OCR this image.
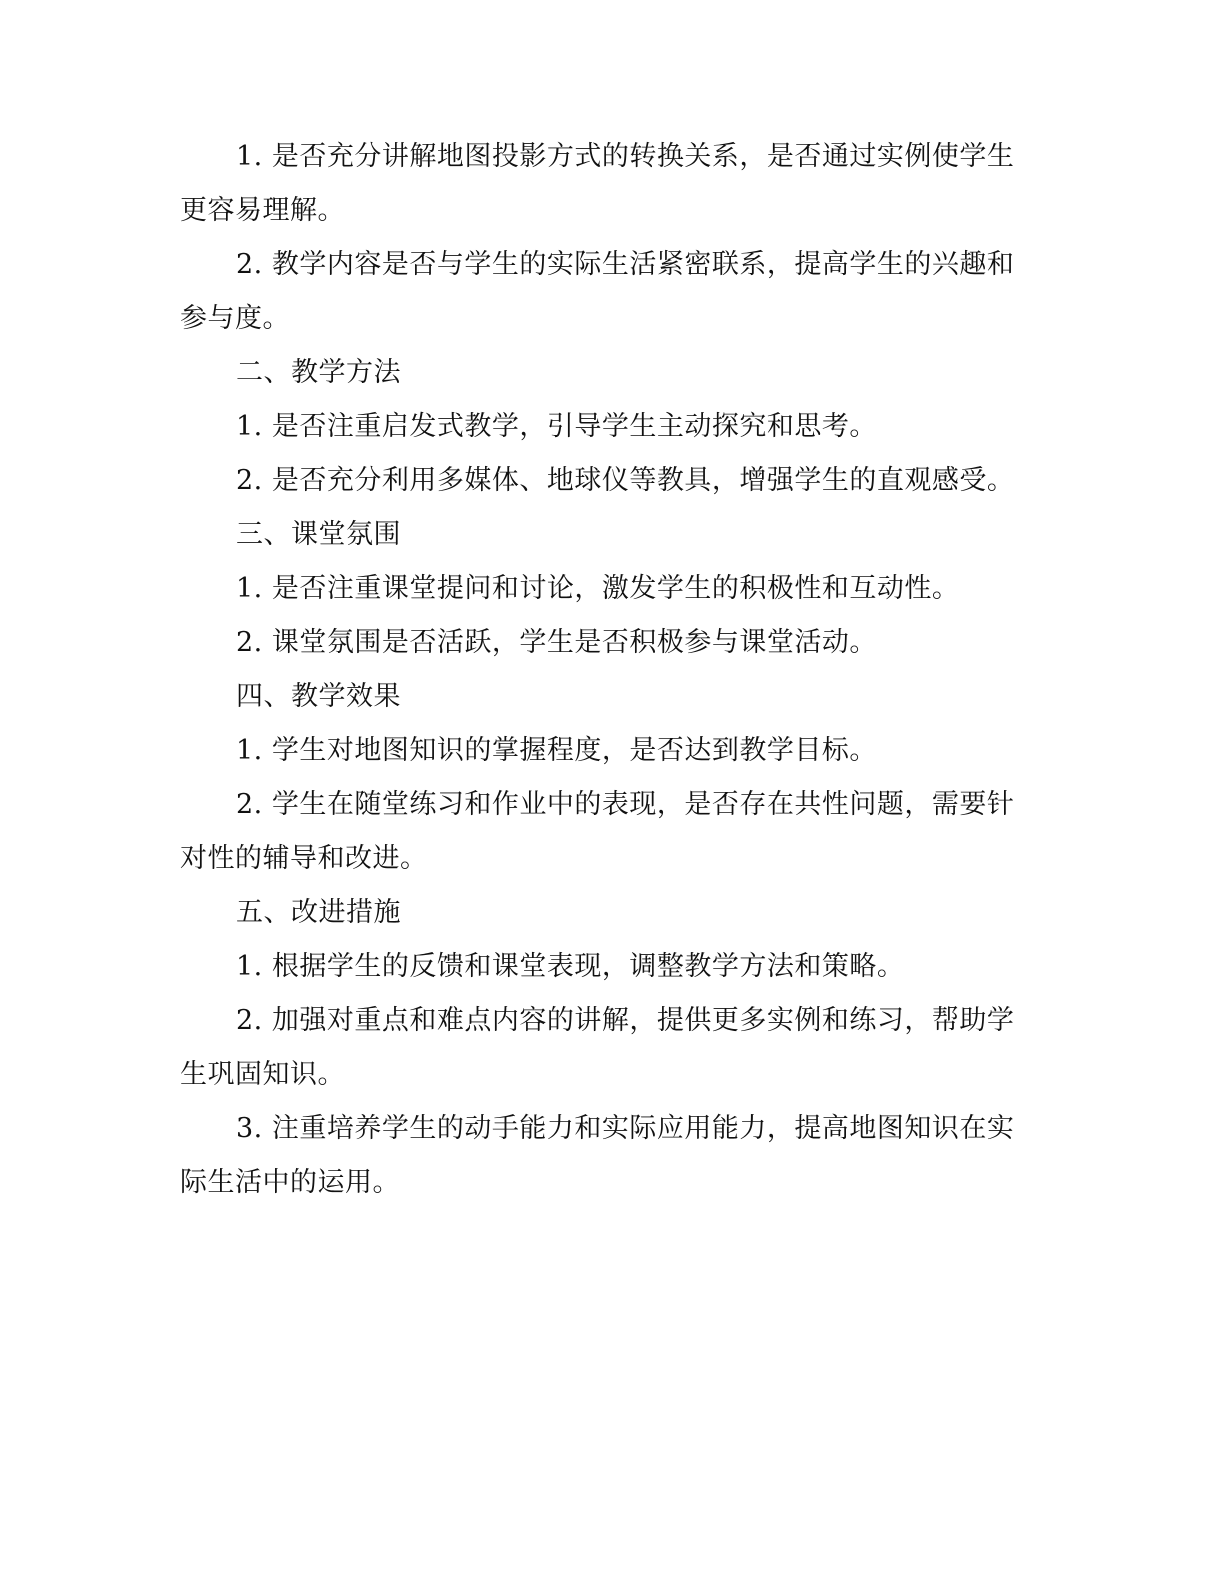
1. 是否充分讲解地图投影方式的转换关系，是否通过实例使学生更容易理解。

2. 教学内容是否与学生的实际生活紧密联系，提高学生的兴趣和参与度。

二、教学方法

1. 是否注重启发式教学，引导学生主动探究和思考。

2. 是否充分利用多媒体、地球仪等教具，增强学生的直观感受。

三、课堂氛围

1. 是否注重课堂提问和讨论，激发学生的积极性和互动性。

2. 课堂氛围是否活跃，学生是否积极参与课堂活动。

四、教学效果

1. 学生对地图知识的掌握程度，是否达到教学目标。

2. 学生在随堂练习和作业中的表现，是否存在共性问题，需要针对性的辅导和改进。

五、改进措施

1. 根据学生的反馈和课堂表现，调整教学方法和策略。

2. 加强对重点和难点内容的讲解，提供更多实例和练习，帮助学生巩固知识。

3. 注重培养学生的动手能力和实际应用能力，提高地图知识在实际生活中的运用。
